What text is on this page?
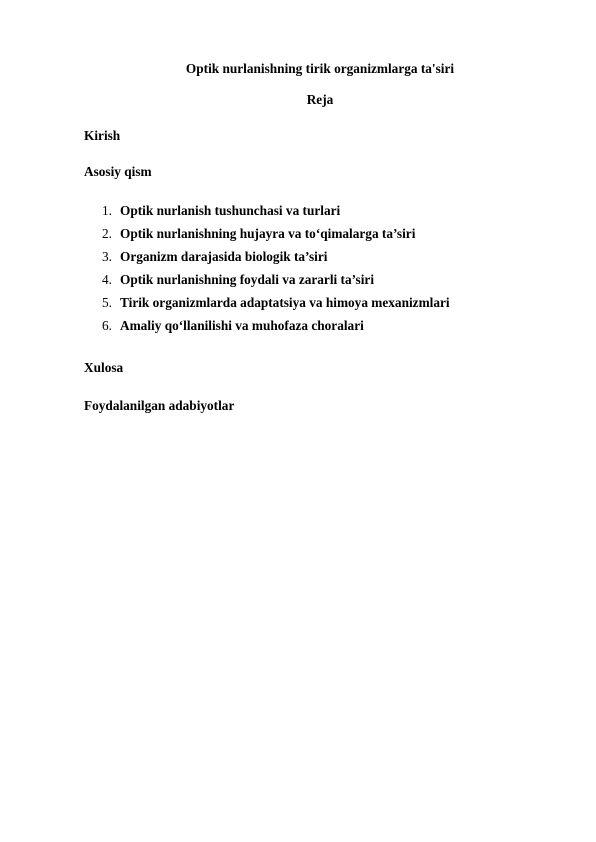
Optik nurlanishning tirik organizmlarga ta'siri
Reja
Kirish
Asosiy qism
1. Optik nurlanish tushunchasi va turlari
2. Optik nurlanishning hujayra va to‘qimalarga ta’siri
3. Organizm darajasida biologik ta’siri
4. Optik nurlanishning foydali va zararli ta’siri
5. Tirik organizmlarda adaptatsiya va himoya mexanizmlari
6. Amaliy qo‘llanilishi va muhofaza choralari
Xulosa
Foydalanilgan adabiyotlar
